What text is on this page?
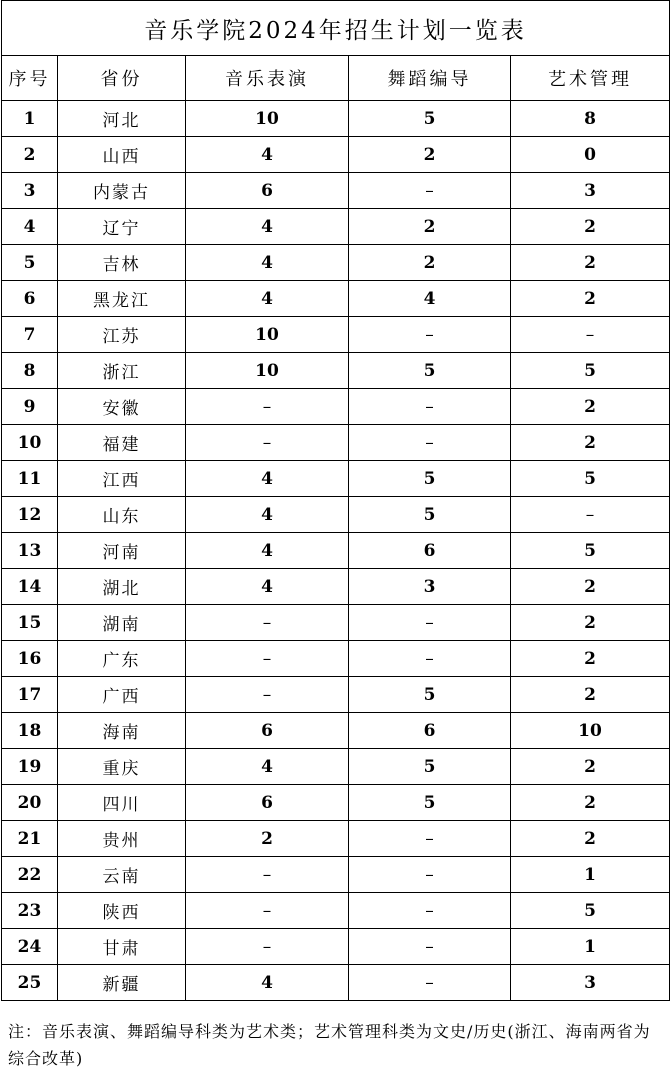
音乐学院2024年招生计划一览表				
序号	省份	音乐表演	舞蹈编导	艺术管理
1	河北	10	5	8
2	山西	4	2	0
3	内蒙古	6	–	3
4	辽宁	4	2	2
5	吉林	4	2	2
6	黑龙江	4	4	2
7	江苏	10	–	–
8	浙江	10	5	5
9	安徽	–	–	2
10	福建	–	–	2
11	江西	4	5	5
12	山东	4	5	–
13	河南	4	6	5
14	湖北	4	3	2
15	湖南	–	–	2
16	广东	–	–	2
17	广西	–	5	2
18	海南	6	6	10
19	重庆	4	5	2
20	四川	6	5	2
21	贵州	2	–	2
22	云南	–	–	1
23	陕西	–	–	5
24	甘肃	–	–	1
25	新疆	4	–	3
注：音乐表演、舞蹈编导科类为艺术类；艺术管理科类为文史/历史(浙江、海南两省为综合改革)
